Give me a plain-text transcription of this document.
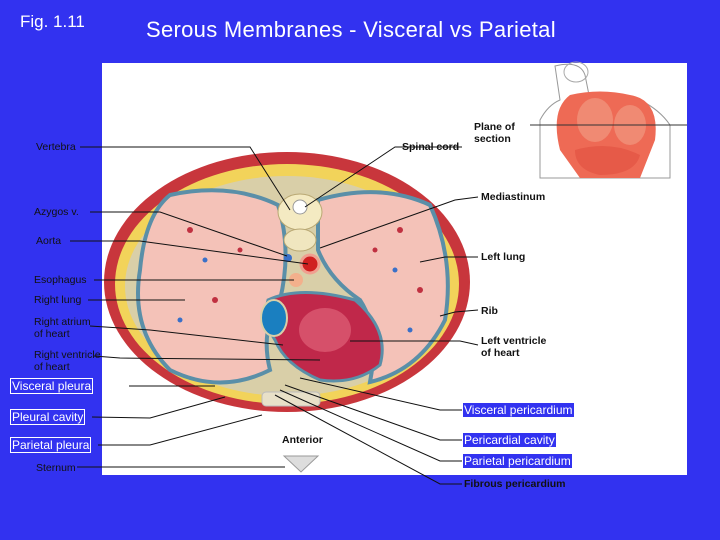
Fig. 1.11	Serous Membranes - Visceral vs Parietal
Vertebra
Azygos v.
Aorta
Esophagus
Right lung
Right atrium
of heart
Right ventricle
of heart
Visceral pleura
Pleural cavity
Parietal pleura
Sternum
Spinal cord
Plane of
section
Mediastinum
Left lung
Rib
Left ventricle
of heart
Visceral pericardium
Pericardial cavity
Parietal pericardium
Fibrous pericardium
Anterior
